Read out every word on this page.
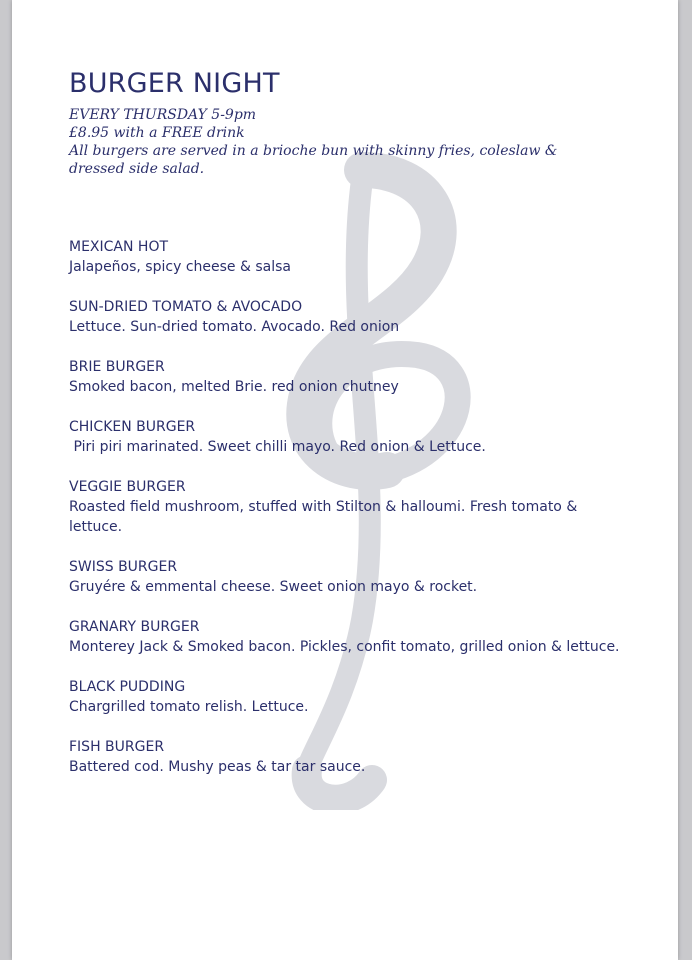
BURGER NIGHT
EVERY THURSDAY 5-9pm
£8.95 with a FREE drink
All burgers are served in a brioche bun with skinny fries, coleslaw & dressed side salad.
MEXICAN HOT
Jalapeños, spicy cheese & salsa
SUN-DRIED TOMATO & AVOCADO
Lettuce. Sun-dried tomato. Avocado. Red onion
BRIE BURGER
Smoked bacon, melted Brie. red onion chutney
CHICKEN BURGER
Piri piri marinated. Sweet chilli mayo. Red onion & Lettuce.
VEGGIE BURGER
Roasted field mushroom, stuffed with Stilton & halloumi. Fresh tomato & lettuce.
SWISS BURGER
Gruyére & emmental cheese. Sweet onion mayo & rocket.
GRANARY BURGER
Monterey Jack & Smoked bacon. Pickles, confit tomato, grilled onion & lettuce.
BLACK PUDDING
Chargrilled tomato relish. Lettuce.
FISH BURGER
Battered cod. Mushy peas & tar tar sauce.
